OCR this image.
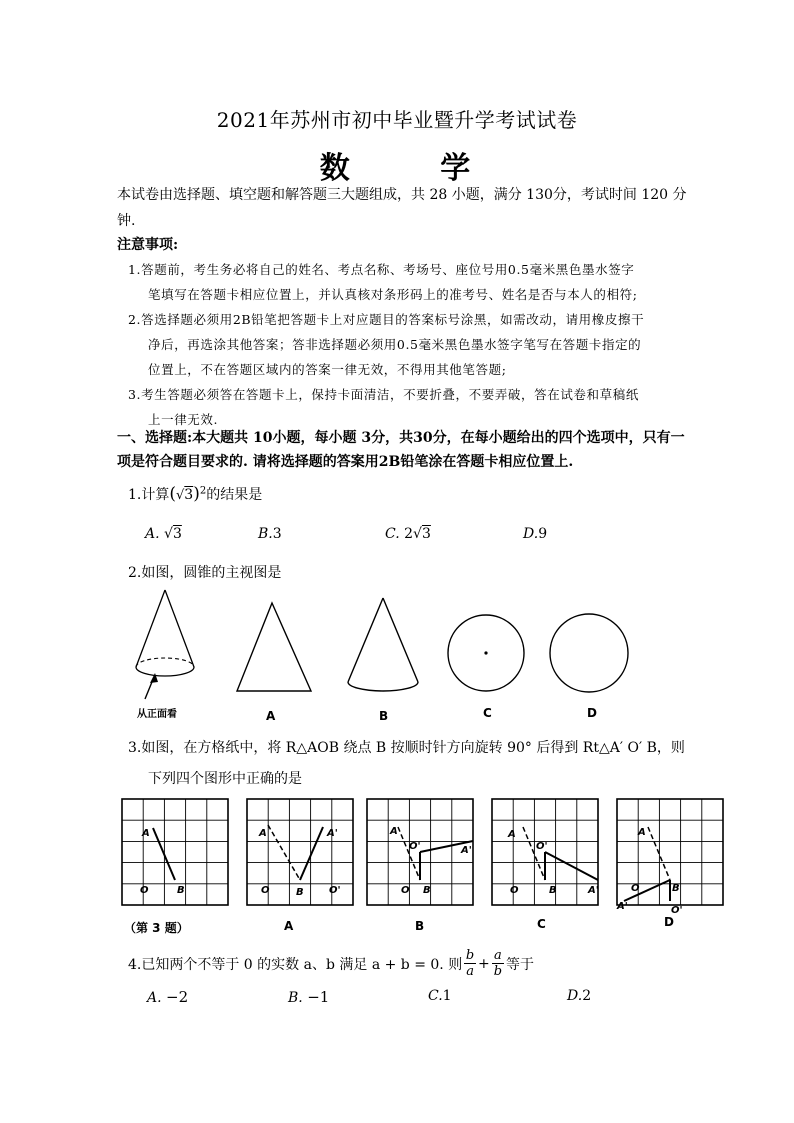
2021年苏州市初中毕业暨升学考试试卷
数 学
本试卷由选择题、填空题和解答题三大题组成，共 28 小题，满分 130分，考试时间 120 分钟.
注意事项:
1.答题前，考生务必将自己的姓名、考点名称、考场号、座位号用0.5毫米黑色墨水签字
笔填写在答题卡相应位置上，并认真核对条形码上的准考号、姓名是否与本人的相符;
2.答选择题必须用2B铅笔把答题卡上对应题目的答案标号涂黑，如需改动，请用橡皮擦干
净后，再选涂其他答案；答非选择题必须用0.5毫米黑色墨水签字笔写在答题卡指定的
位置上，不在答题区域内的答案一律无效，不得用其他笔答题;
3.考生答题必须答在答题卡上，保持卡面清洁，不要折叠，不要弄破，答在试卷和草稿纸
上一律无效.
一、选择题:本大题共 10小题，每小题 3分，共30分，在每小题给出的四个选项中，只有一项是符合题目要求的. 请将选择题的答案用2B铅笔涂在答题卡相应位置上.
1.计算$(√3)^2$的结果是
A. √3	B.3	C. 2√3	D.9
2.如图，圆锥的主视图是
从正面看	A	B	C	D
3.如图，在方格纸中，将 R△AOB 绕点 B 按顺时针方向旋转 90° 后得到 Rt△A′ O′ B，则
下列四个图形中正确的是
A
O	B
A	A'
O	B	O'
A
O'	A'
O B
A
O'
O	B	A'
A
O	B
A'	O'
（第 3 题）	A	B	C	D
4.已知两个不等于 0 的实数 a、b 满足 a + b = 0. 则
b
$a + \frac{a}{b}$ 等于
A. −2	B. −1	C.1	D.2
